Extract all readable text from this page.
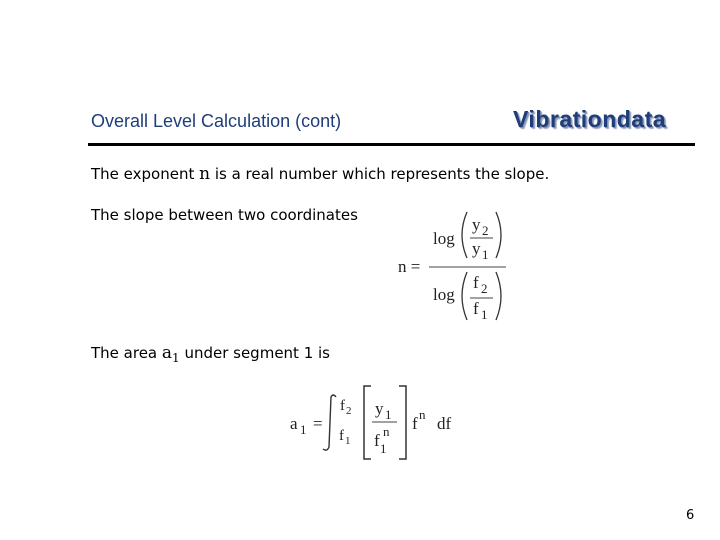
Overall Level Calculation (cont)	Vibrationdata
The exponent n is a real number which represents the slope.
The slope between two coordinates
The area $a_1$ under segment 1 is
n =
log
y 2
y 1
log
f 2
f 1
a 1 =
f 2
f 1
y 1
f 1
n f n df
6
